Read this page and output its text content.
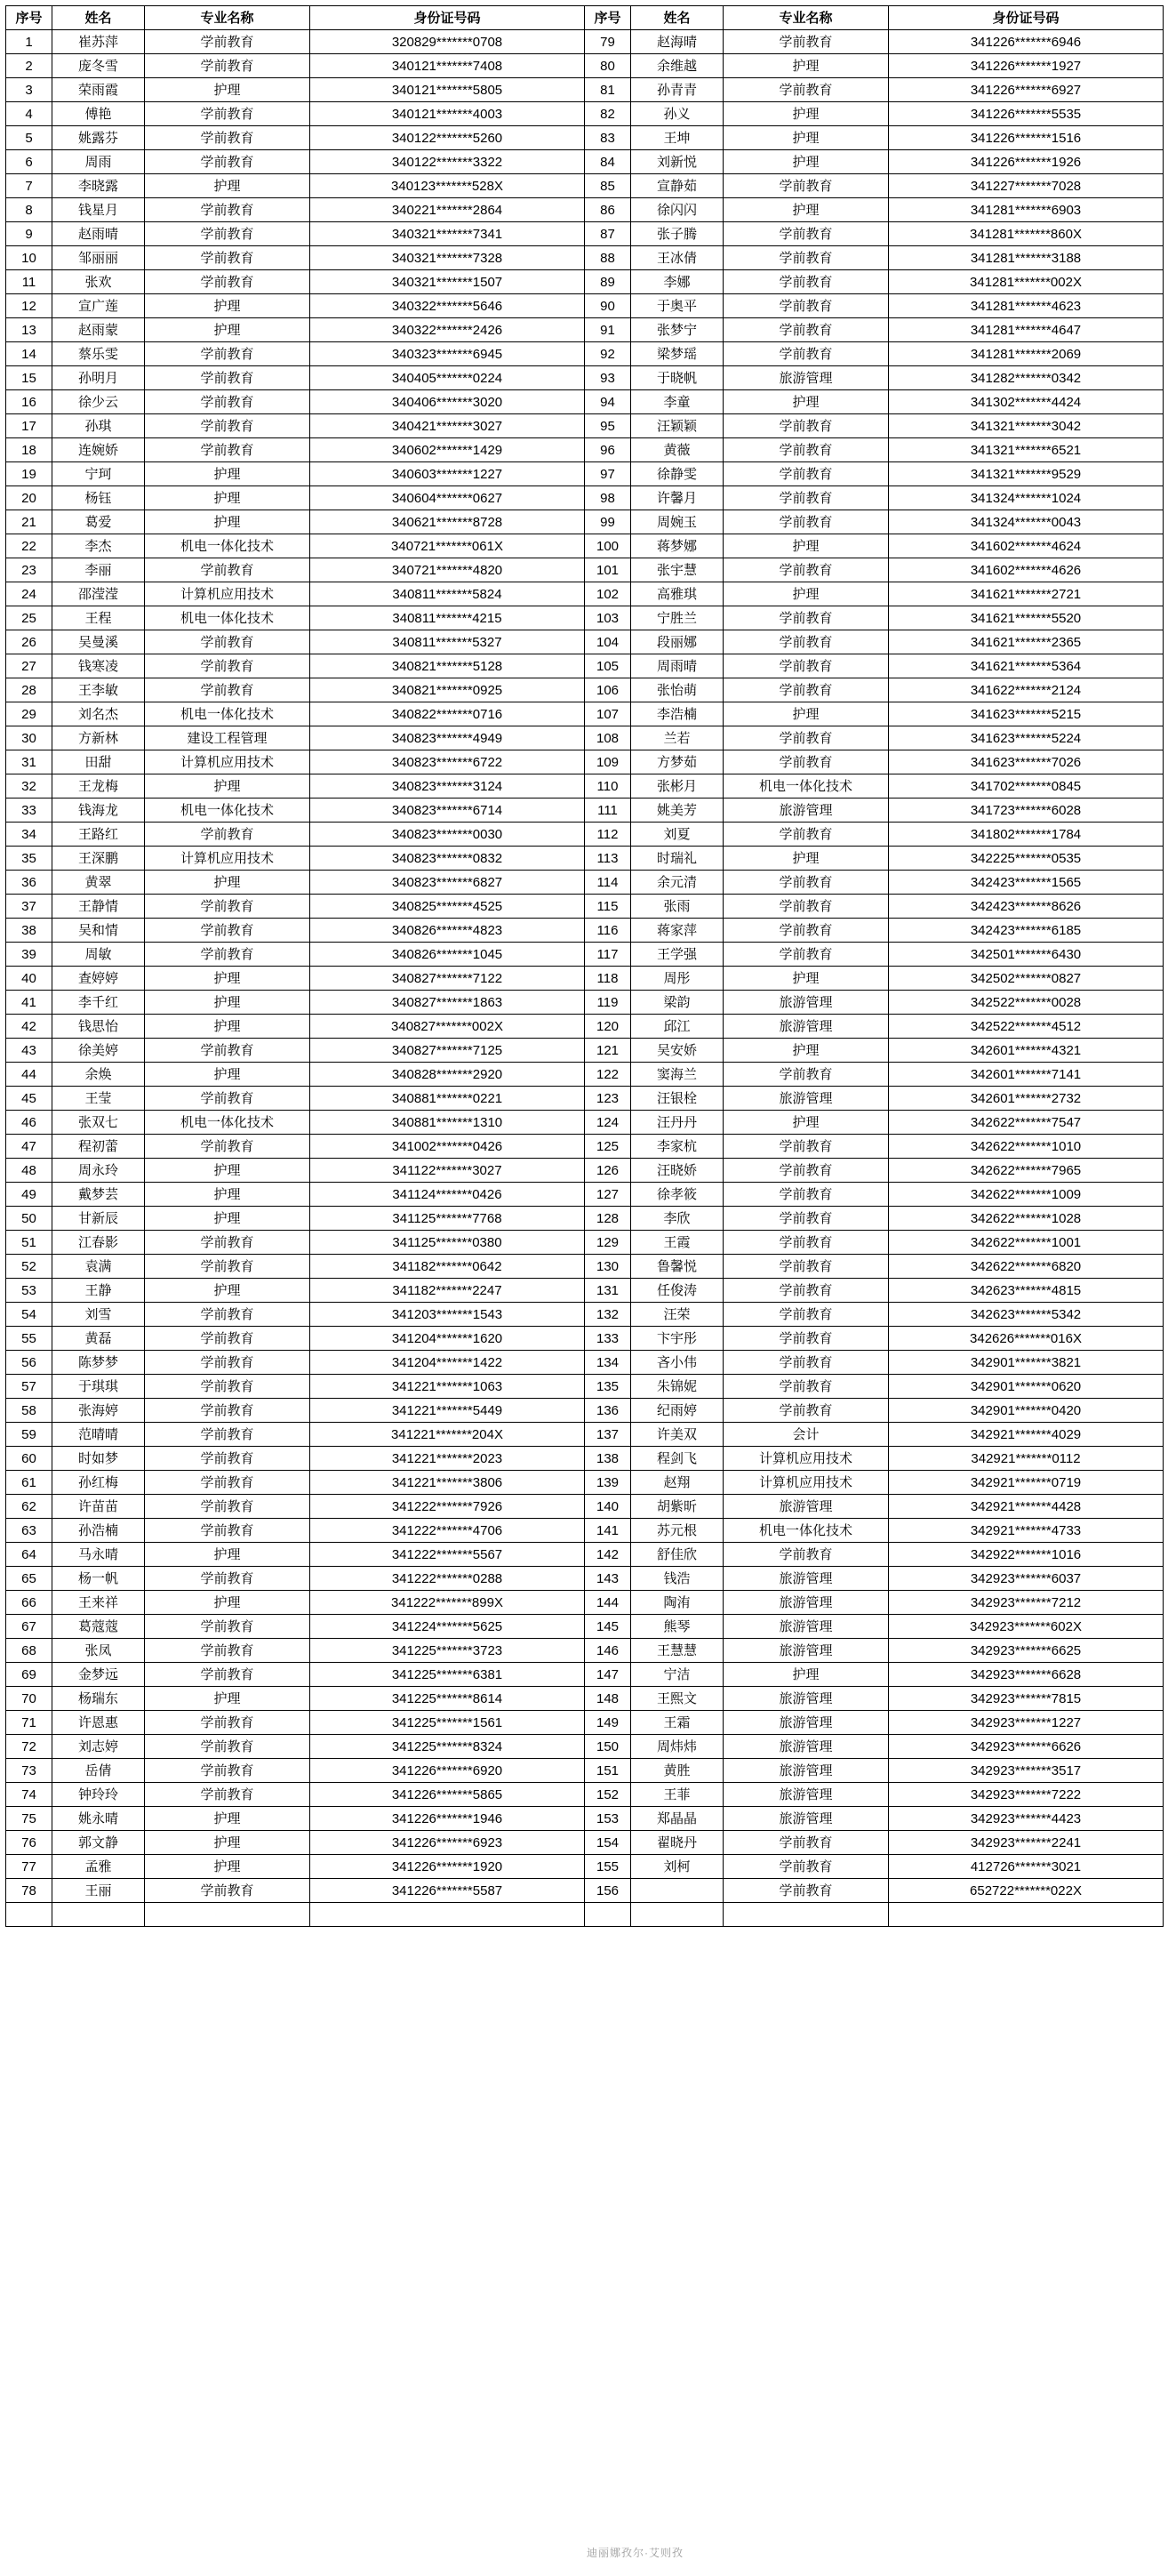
序号	姓名	专业名称	身份证号码	序号	姓名	专业名称	身份证号码
1	崔苏萍	学前教育	320829*******0708	79	赵海晴	学前教育	341226*******6946
2	庞冬雪	学前教育	340121*******7408	80	余维越	护理	341226*******1927
3	荣雨霞	护理	340121*******5805	81	孙青青	学前教育	341226*******6927
4	傅艳	学前教育	340121*******4003	82	孙义	护理	341226*******5535
5	姚露芬	学前教育	340122*******5260	83	王坤	护理	341226*******1516
6	周雨	学前教育	340122*******3322	84	刘新悦	护理	341226*******1926
7	李晓露	护理	340123*******528X	85	宣静茹	学前教育	341227*******7028
8	钱星月	学前教育	340221*******2864	86	徐闪闪	护理	341281*******6903
9	赵雨晴	学前教育	340321*******7341	87	张子腾	学前教育	341281*******860X
10	邹丽丽	学前教育	340321*******7328	88	王冰倩	学前教育	341281*******3188
11	张欢	学前教育	340321*******1507	89	李娜	学前教育	341281*******002X
12	宣广莲	护理	340322*******5646	90	于奥平	学前教育	341281*******4623
13	赵雨蒙	护理	340322*******2426	91	张梦宁	学前教育	341281*******4647
14	蔡乐雯	学前教育	340323*******6945	92	梁梦瑶	学前教育	341281*******2069
15	孙明月	学前教育	340405*******0224	93	于晓帆	旅游管理	341282*******0342
16	徐少云	学前教育	340406*******3020	94	李童	护理	341302*******4424
17	孙琪	学前教育	340421*******3027	95	汪颖颖	学前教育	341321*******3042
18	连婉娇	学前教育	340602*******1429	96	黄薇	学前教育	341321*******6521
19	宁珂	护理	340603*******1227	97	徐静雯	学前教育	341321*******9529
20	杨钰	护理	340604*******0627	98	许馨月	学前教育	341324*******1024
21	葛爱	护理	340621*******8728	99	周婉玉	学前教育	341324*******0043
22	李杰	机电一体化技术	340721*******061X	100	蒋梦娜	护理	341602*******4624
23	李丽	学前教育	340721*******4820	101	张宇慧	学前教育	341602*******4626
24	邵滢滢	计算机应用技术	340811*******5824	102	高雅琪	护理	341621*******2721
25	王程	机电一体化技术	340811*******4215	103	宁胜兰	学前教育	341621*******5520
26	吴曼溪	学前教育	340811*******5327	104	段丽娜	学前教育	341621*******2365
27	钱寒凌	学前教育	340821*******5128	105	周雨晴	学前教育	341621*******5364
28	王李敏	学前教育	340821*******0925	106	张怡萌	学前教育	341622*******2124
29	刘名杰	机电一体化技术	340822*******0716	107	李浩楠	护理	341623*******5215
30	方新林	建设工程管理	340823*******4949	108	兰若	学前教育	341623*******5224
31	田甜	计算机应用技术	340823*******6722	109	方梦茹	学前教育	341623*******7026
32	王龙梅	护理	340823*******3124	110	张彬月	机电一体化技术	341702*******0845
33	钱海龙	机电一体化技术	340823*******6714	111	姚美芳	旅游管理	341723*******6028
34	王路红	学前教育	340823*******0030	112	刘夏	学前教育	341802*******1784
35	王深鹏	计算机应用技术	340823*******0832	113	时瑞礼	护理	342225*******0535
36	黄翠	护理	340823*******6827	114	余元清	学前教育	342423*******1565
37	王静情	学前教育	340825*******4525	115	张雨	学前教育	342423*******8626
38	吴和情	学前教育	340826*******4823	116	蒋家萍	学前教育	342423*******6185
39	周敏	学前教育	340826*******1045	117	王学强	学前教育	342501*******6430
40	查婷婷	护理	340827*******7122	118	周彤	护理	342502*******0827
41	李千红	护理	340827*******1863	119	梁韵	旅游管理	342522*******0028
42	钱思怡	护理	340827*******002X	120	邱江	旅游管理	342522*******4512
43	徐美婷	学前教育	340827*******7125	121	吴安娇	护理	342601*******4321
44	余焕	护理	340828*******2920	122	窦海兰	学前教育	342601*******7141
45	王莹	学前教育	340881*******0221	123	汪银栓	旅游管理	342601*******2732
46	张双七	机电一体化技术	340881*******1310	124	汪丹丹	护理	342622*******7547
47	程初蕾	学前教育	341002*******0426	125	李家杭	学前教育	342622*******1010
48	周永玲	护理	341122*******3027	126	汪晓娇	学前教育	342622*******7965
49	戴梦芸	护理	341124*******0426	127	徐孝筱	学前教育	342622*******1009
50	甘新辰	护理	341125*******7768	128	李欣	学前教育	342622*******1028
51	江春影	学前教育	341125*******0380	129	王霞	学前教育	342622*******1001
52	袁满	学前教育	341182*******0642	130	鲁馨悦	学前教育	342622*******6820
53	王静	护理	341182*******2247	131	任俊涛	学前教育	342623*******4815
54	刘雪	学前教育	341203*******1543	132	汪荣	学前教育	342623*******5342
55	黄磊	学前教育	341204*******1620	133	卞宇彤	学前教育	342626*******016X
56	陈梦梦	学前教育	341204*******1422	134	吝小伟	学前教育	342901*******3821
57	于琪琪	学前教育	341221*******1063	135	朱锦妮	学前教育	342901*******0620
58	张海婷	学前教育	341221*******5449	136	纪雨婷	学前教育	342901*******0420
59	范晴晴	学前教育	341221*******204X	137	许美双	会计	342921*******4029
60	时如梦	学前教育	341221*******2023	138	程剑飞	计算机应用技术	342921*******0112
61	孙红梅	学前教育	341221*******3806	139	赵翔	计算机应用技术	342921*******0719
62	许苗苗	学前教育	341222*******7926	140	胡紫昕	旅游管理	342921*******4428
63	孙浩楠	学前教育	341222*******4706	141	苏元根	机电一体化技术	342921*******4733
64	马永晴	护理	341222*******5567	142	舒佳欣	学前教育	342922*******1016
65	杨一帆	学前教育	341222*******0288	143	钱浩	旅游管理	342923*******6037
66	王来祥	护理	341222*******899X	144	陶洧	旅游管理	342923*******7212
67	葛蔻蔻	学前教育	341224*******5625	145	熊琴	旅游管理	342923*******602X
68	张凤	学前教育	341225*******3723	146	王慧慧	旅游管理	342923*******6625
69	金梦远	学前教育	341225*******6381	147	宁洁	护理	342923*******6628
70	杨瑞东	护理	341225*******8614	148	王熙文	旅游管理	342923*******7815
71	许恩惠	学前教育	341225*******1561	149	王霜	旅游管理	342923*******1227
72	刘志婷	学前教育	341225*******8324	150	周炜炜	旅游管理	342923*******6626
73	岳倩	学前教育	341226*******6920	151	黄胜	旅游管理	342923*******3517
74	钟玲玲	学前教育	341226*******5865	152	王菲	旅游管理	342923*******7222
75	姚永晴	护理	341226*******1946	153	郑晶晶	旅游管理	342923*******4423
76	郭文静	护理	341226*******6923	154	翟晓丹	学前教育	342923*******2241
77	孟雅	护理	341226*******1920	155	刘柯	学前教育	412726*******3021
78	王丽	学前教育	341226*******5587	156		学前教育	652722*******022X

迪丽娜孜尔·艾则孜
